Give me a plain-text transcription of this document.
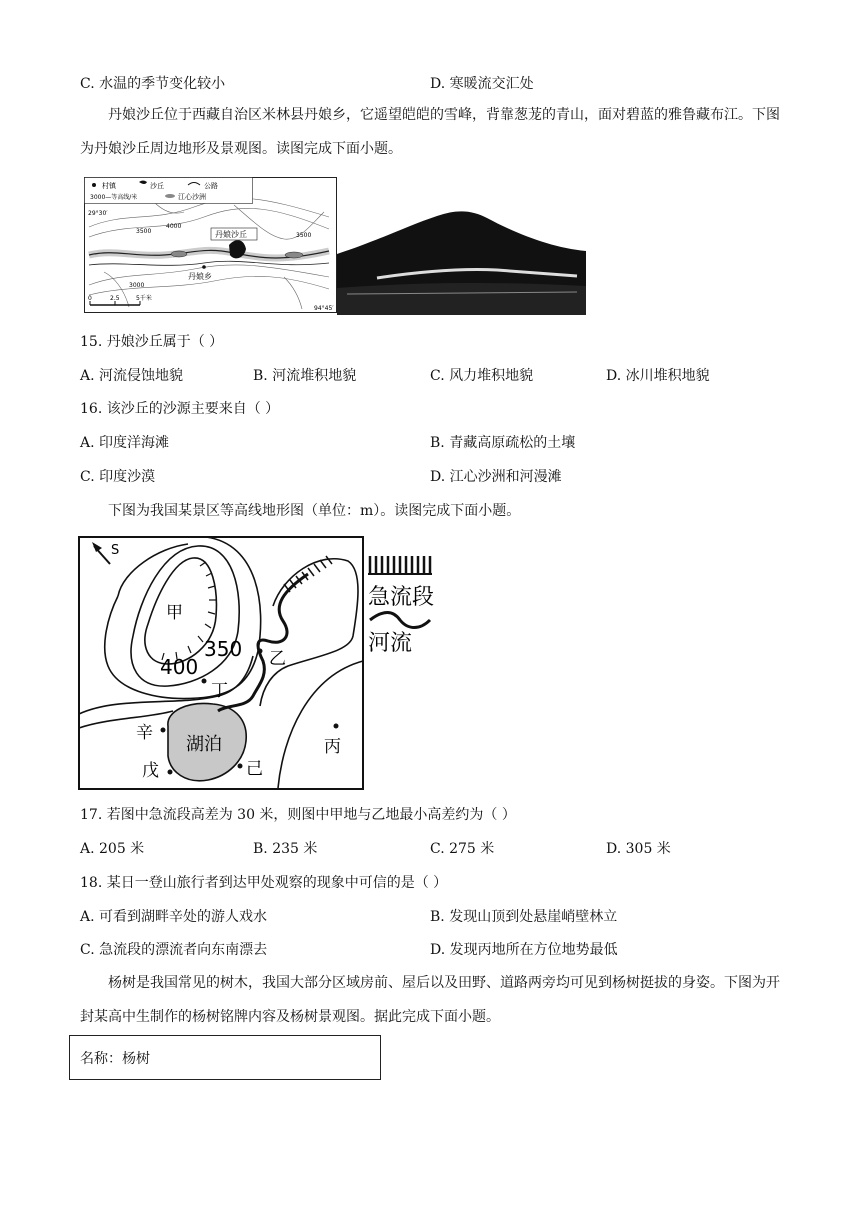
C. 水温的季节变化较小	D. 寒暖流交汇处
丹娘沙丘位于西藏自治区米林县丹娘乡，它遥望皑皑的雪峰，背靠葱茏的青山，面对碧蓝的雅鲁藏布江。下图为丹娘沙丘周边地形及景观图。读图完成下面小题。
村镇	沙丘	公路
3000—等高线/米	江心沙洲
29°30′
94°45′
3500
4000
3500
3000
丹娘沙丘
丹娘乡
0	2.5	5千米
15. 丹娘沙丘属于（ ）
A. 河流侵蚀地貌	B. 河流堆积地貌	C. 风力堆积地貌	D. 冰川堆积地貌
16. 该沙丘的沙源主要来自（ ）
A. 印度洋海滩	B. 青藏高原疏松的土壤
C. 印度沙漠	D. 江心沙洲和河漫滩
下图为我国某景区等高线地形图（单位：m）。读图完成下面小题。
S
湖泊
甲
乙
丁
辛
戊	己
丙
400
350
急流段
河流
17. 若图中急流段高差为 30 米，则图中甲地与乙地最小高差约为（ ）
A. 205 米	B. 235 米	C. 275 米	D. 305 米
18. 某日一登山旅行者到达甲处观察的现象中可信的是（ ）
A. 可看到湖畔辛处的游人戏水	B. 发现山顶到处悬崖峭壁林立
C. 急流段的漂流者向东南漂去	D. 发现丙地所在方位地势最低
杨树是我国常见的树木，我国大部分区域房前、屋后以及田野、道路两旁均可见到杨树挺拔的身姿。下图为开封某高中生制作的杨树铭牌内容及杨树景观图。据此完成下面小题。
名称：杨树
